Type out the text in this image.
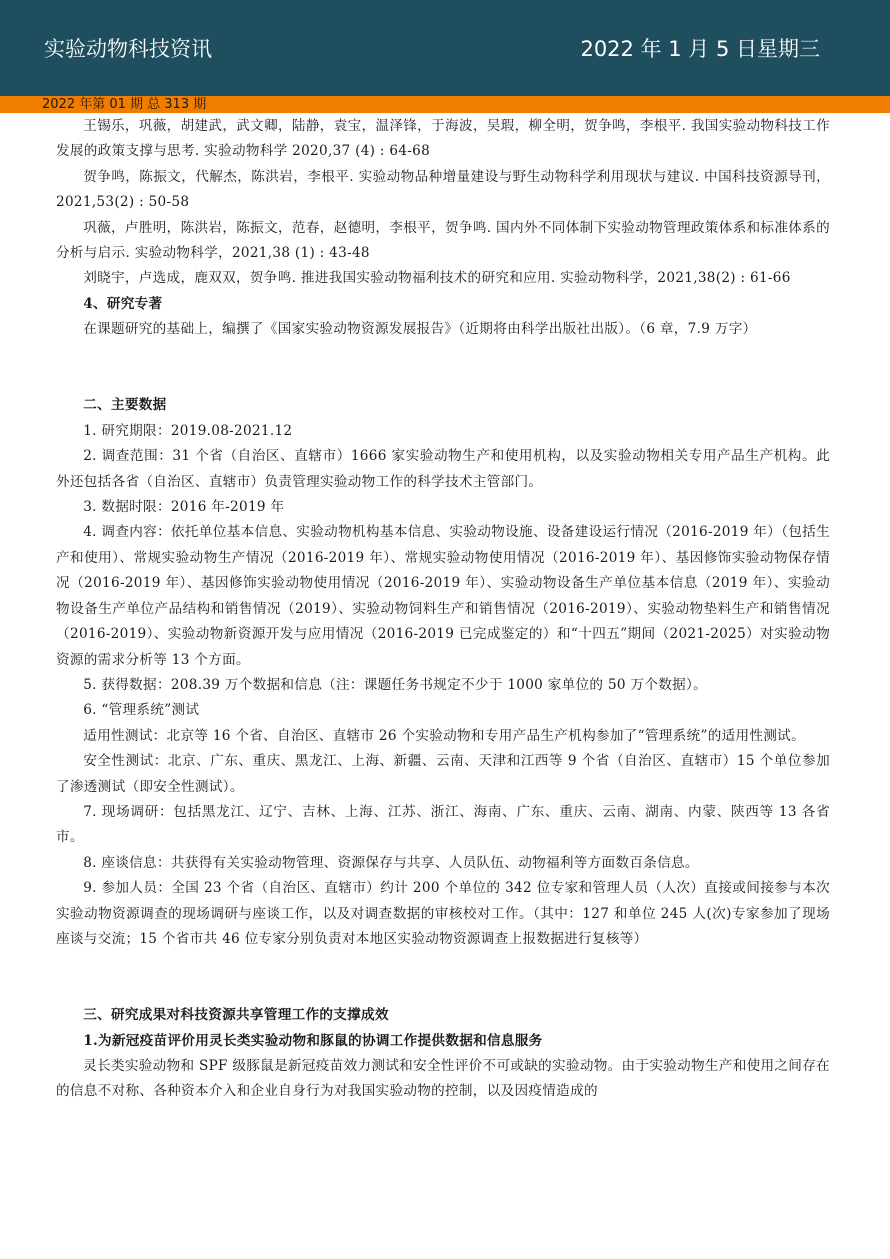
实验动物科技资讯	2022 年 1 月 5 日星期三
2022 年第 01 期 总 313 期

王锡乐，巩薇，胡建武，武文卿，陆静，袁宝，温泽锋，于海波，吴瑕，柳全明，贺争鸣，李根平. 我国实验动物科技工作发展的政策支撑与思考. 实验动物科学 2020,37 (4) : 64-68

贺争鸣，陈振文，代解杰，陈洪岩，李根平. 实验动物品种增量建设与野生动物科学利用现状与建议. 中国科技资源导刊，2021,53(2) : 50-58

巩薇，卢胜明，陈洪岩，陈振文，范春，赵德明，李根平，贺争鸣. 国内外不同体制下实验动物管理政策体系和标准体系的分析与启示. 实验动物科学，2021,38 (1) : 43-48

刘晓宇，卢选成，鹿双双，贺争鸣. 推进我国实验动物福利技术的研究和应用. 实验动物科学，2021,38(2) : 61-66

4、研究专著

在课题研究的基础上，编撰了《国家实验动物资源发展报告》（近期将由科学出版社出版）。（6 章，7.9 万字）

二、主要数据

1. 研究期限：2019.08-2021.12

2. 调查范围：31 个省（自治区、直辖市）1666 家实验动物生产和使用机构，以及实验动物相关专用产品生产机构。此外还包括各省（自治区、直辖市）负责管理实验动物工作的科学技术主管部门。

3. 数据时限：2016 年-2019 年

4. 调查内容：依托单位基本信息、实验动物机构基本信息、实验动物设施、设备建设运行情况（2016-2019 年）（包括生产和使用）、常规实验动物生产情况（2016-2019 年）、常规实验动物使用情况（2016-2019 年）、基因修饰实验动物保存情况（2016-2019 年）、基因修饰实验动物使用情况（2016-2019 年）、实验动物设备生产单位基本信息（2019 年）、实验动物设备生产单位产品结构和销售情况（2019）、实验动物饲料生产和销售情况（2016-2019）、实验动物垫料生产和销售情况（2016-2019）、实验动物新资源开发与应用情况（2016-2019 已完成鉴定的）和“十四五”期间（2021-2025）对实验动物资源的需求分析等 13 个方面。

5. 获得数据：208.39 万个数据和信息（注：课题任务书规定不少于 1000 家单位的 50 万个数据）。

6. “管理系统”测试

适用性测试：北京等 16 个省、自治区、直辖市 26 个实验动物和专用产品生产机构参加了“管理系统”的适用性测试。

安全性测试：北京、广东、重庆、黑龙江、上海、新疆、云南、天津和江西等 9 个省（自治区、直辖市）15 个单位参加了渗透测试（即安全性测试）。

7. 现场调研：包括黑龙江、辽宁、吉林、上海、江苏、浙江、海南、广东、重庆、云南、湖南、内蒙、陕西等 13 各省市。

8. 座谈信息：共获得有关实验动物管理、资源保存与共享、人员队伍、动物福利等方面数百条信息。

9. 参加人员：全国 23 个省（自治区、直辖市）约计 200 个单位的 342 位专家和管理人员（人次）直接或间接参与本次实验动物资源调查的现场调研与座谈工作，以及对调查数据的审核校对工作。（其中：127 和单位 245 人(次)专家参加了现场座谈与交流；15 个省市共 46 位专家分别负责对本地区实验动物资源调查上报数据进行复核等）

三、研究成果对科技资源共享管理工作的支撑成效

1.为新冠疫苗评价用灵长类实验动物和豚鼠的协调工作提供数据和信息服务

灵长类实验动物和 SPF 级豚鼠是新冠疫苗效力测试和安全性评价不可或缺的实验动物。由于实验动物生产和使用之间存在的信息不对称、各种资本介入和企业自身行为对我国实验动物的控制，以及因疫情造成的
